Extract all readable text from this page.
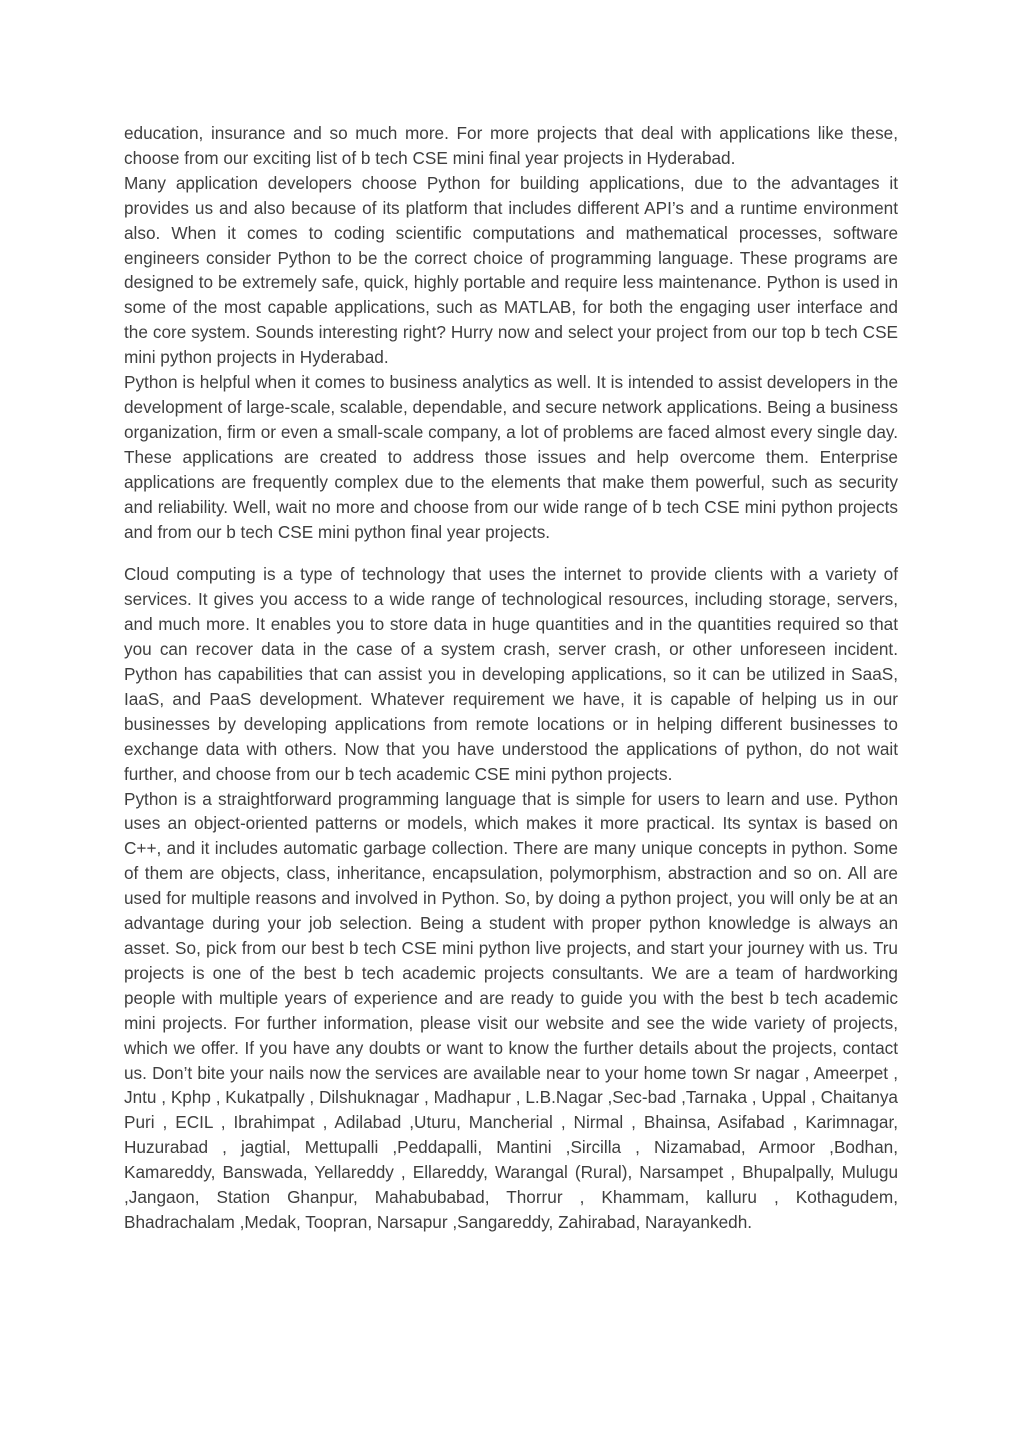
education, insurance and so much more. For more projects that deal with applications like these, choose from our exciting list of b tech CSE mini final year projects in Hyderabad.

Many application developers choose Python for building applications, due to the advantages it provides us and also because of its platform that includes different API’s and a runtime environment also. When it comes to coding scientific computations and mathematical processes, software engineers consider Python to be the correct choice of programming language. These programs are designed to be extremely safe, quick, highly portable and require less maintenance. Python is used in some of the most capable applications, such as MATLAB, for both the engaging user interface and the core system. Sounds interesting right? Hurry now and select your project from our top b tech CSE mini python projects in Hyderabad.

Python is helpful when it comes to business analytics as well. It is intended to assist developers in the development of large-scale, scalable, dependable, and secure network applications. Being a business organization, firm or even a small-scale company, a lot of problems are faced almost every single day. These applications are created to address those issues and help overcome them. Enterprise applications are frequently complex due to the elements that make them powerful, such as security and reliability. Well, wait no more and choose from our wide range of b tech CSE mini python projects and from our b tech CSE mini python final year projects.

Cloud computing is a type of technology that uses the internet to provide clients with a variety of services. It gives you access to a wide range of technological resources, including storage, servers, and much more. It enables you to store data in huge quantities and in the quantities required so that you can recover data in the case of a system crash, server crash, or other unforeseen incident. Python has capabilities that can assist you in developing applications, so it can be utilized in SaaS, IaaS, and PaaS development. Whatever requirement we have, it is capable of helping us in our businesses by developing applications from remote locations or in helping different businesses to exchange data with others. Now that you have understood the applications of python, do not wait further, and choose from our b tech academic CSE mini python projects.

Python is a straightforward programming language that is simple for users to learn and use. Python uses an object-oriented patterns or models, which makes it more practical. Its syntax is based on C++, and it includes automatic garbage collection. There are many unique concepts in python. Some of them are objects, class, inheritance, encapsulation, polymorphism, abstraction and so on. All are used for multiple reasons and involved in Python. So, by doing a python project, you will only be at an advantage during your job selection. Being a student with proper python knowledge is always an asset. So, pick from our best b tech CSE mini python live projects, and start your journey with us. Tru projects is one of the best b tech academic projects consultants. We are a team of hardworking people with multiple years of experience and are ready to guide you with the best b tech academic mini projects. For further information, please visit our website and see the wide variety of projects, which we offer. If you have any doubts or want to know the further details about the projects, contact us. Don’t bite your nails now the services are available near to your home town Sr nagar , Ameerpet , Jntu , Kphp , Kukatpally , Dilshuknagar , Madhapur , L.B.Nagar ,Sec-bad ,Tarnaka , Uppal , Chaitanya Puri , ECIL , Ibrahimpat , Adilabad ,Uturu, Mancherial , Nirmal , Bhainsa, Asifabad , Karimnagar, Huzurabad , jagtial, Mettupalli ,Peddapalli, Mantini ,Sircilla , Nizamabad, Armoor ,Bodhan, Kamareddy, Banswada, Yellareddy , Ellareddy, Warangal (Rural), Narsampet , Bhupalpally, Mulugu ,Jangaon, Station Ghanpur, Mahabubabad, Thorrur , Khammam, kalluru , Kothagudem, Bhadrachalam ,Medak, Toopran, Narsapur ,Sangareddy, Zahirabad, Narayankedh.
